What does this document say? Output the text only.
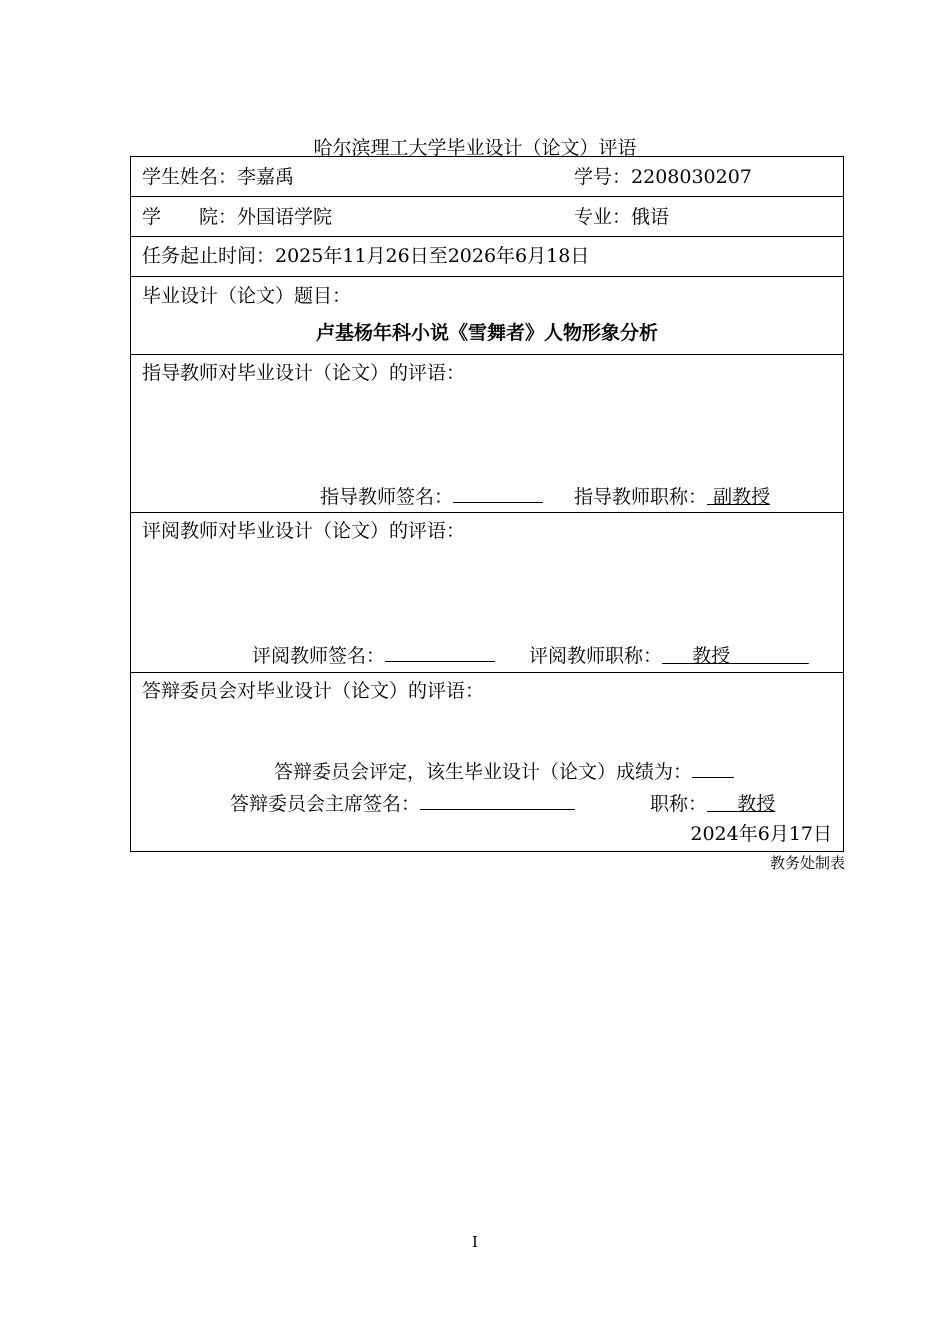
哈尔滨理工大学毕业设计（论文）评语
学生姓名：李嘉禹	学号：2208030207
学　　院：外国语学院	专业：俄语
任务起止时间：2025年11月26日至2026年6月18日
毕业设计（论文）题目：
卢基杨年科小说《雪舞者》人物形象分析
指导教师对毕业设计（论文）的评语：
指导教师签名：	指导教师职称： 副教授
评阅教师对毕业设计（论文）的评语：
评阅教师签名：	评阅教师职称： 教授
答辩委员会对毕业设计（论文）的评语：
答辩委员会评定，该生毕业设计（论文）成绩为：
答辩委员会主席签名：	职称： 教授
2024年6月17日
教务处制表
I
